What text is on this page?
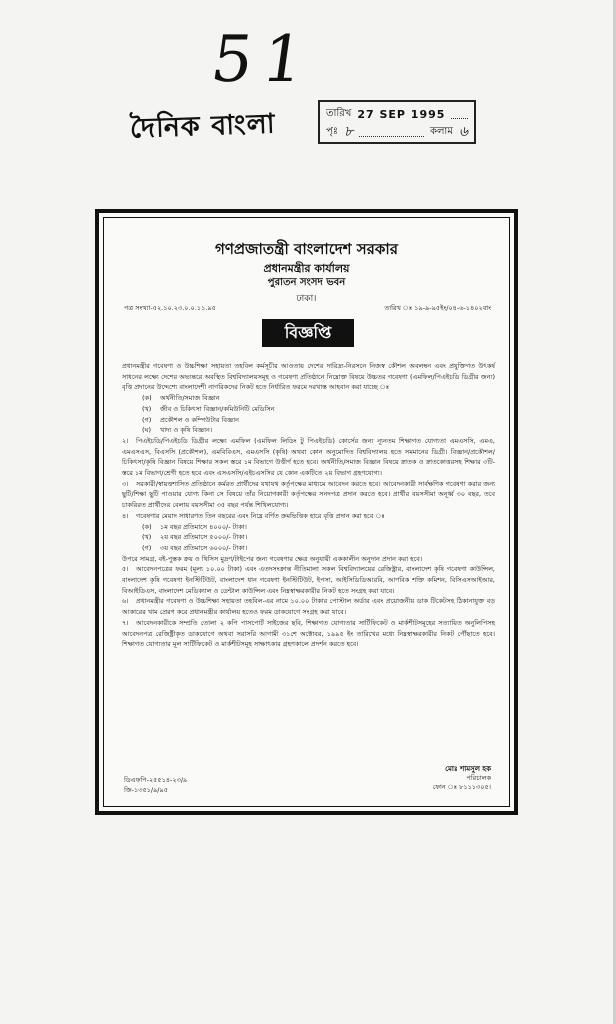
51
দৈনিক বাংলা	তারিখ 27 SEP 1995
পৃঃ ৮	কলাম ৬
গণপ্রজাতন্ত্রী বাংলাদেশ সরকার
প্রধানমন্ত্রীর কার্যালয়
পুরাতন সংসদ ভবন
ঢাকা।
পত্র সংখ্যা-৫২.১০.২৩.০.০.১১.৯৫	তারিখ ঃ ১৯-৯-৯৫ইং/০৪-৬-১৪০২বাং
বিজ্ঞপ্তি

প্রধানমন্ত্রীর গবেষণা ও উচ্চশিক্ষা সহায়তা তহবিল কর্মসূচীর আওতায় দেশের দারিদ্র্য-নিরসনে নিজস্ব কৌশল অবলম্বন এবং প্রযুক্তিগত উৎকর্ষ সাধনের লক্ষ্যে দেশের অভ্যন্তরে অবস্থিত বিশ্ববিদ্যালয়সমূহ ও গবেষণা প্রতিষ্ঠানে নিম্নোক্ত বিষয়ে উচ্চতর গবেষণা (এমফিল/পিএইচডি ডিগ্রীর জন্য) বৃত্তি প্রদানের উদ্দেশ্যে বাংলাদেশী নাগরিকদের নিকট হতে নির্ধারিত ফরমে দরখাস্ত আহবান করা যাচ্ছে ঃ

(ক) অর্থনীতি/সমাজ বিজ্ঞান
(খ) জীব ও চিকিৎসা বিজ্ঞান/কমিউনিটি মেডিসিন
(গ) প্রকৌশল ও কম্পিউটার বিজ্ঞান
(ঘ) খাদ্য ও কৃষি বিজ্ঞান।

২। পিএইচডি/পিএইচডি ডিগ্রীর লক্ষ্যে এমফিল (এমফিল লিডিং টু পিএইচডি) কোর্সের জন্য ন্যূনতম শিক্ষাগত যোগ্যতা এমএসসি, এমএ, এমএসএস, বিএসসি (প্রকৌশল), এমবিবিএস, এমএসসি (কৃষি) অথবা কোন অনুমোদিত বিশ্ববিদ্যালয় হতে সমমানের ডিগ্রী। বিজ্ঞান/প্রকৌশল/চিকিৎসা/কৃষি বিজ্ঞান বিষয়ে শিক্ষার সকল স্তরে ১ম বিভাগে উত্তীর্ণ হতে হবে। অর্থনীতি/সমাজ বিজ্ঞান বিষয়ে স্নাতক ও স্নাতকোত্তরসহ শিক্ষার ৩টি-স্তরে ১ম বিভাগ/শ্রেণী হতে হবে এবং এসএসসি/এইচএসসির যে কোন একটিতে ২য় বিভাগ গ্রহণযোগ্য।

৩। সরকারী/স্বায়ত্তশাসিত প্রতিষ্ঠানে কর্মরত প্রার্থীদের যথাযথ কর্তৃপক্ষের মাধ্যমে আবেদন করতে হবে। আবেদনকারী সার্বক্ষণিক গবেষণা করার জন্য ছুটি/শিক্ষা ছুটি পাওয়ার যোগ্য কিনা সে বিষয়ে তাঁর নিয়োগকারী কর্তৃপক্ষের সনদপত্র প্রদান করতে হবে। প্রার্থীর বয়সসীমা অনূর্ধ্ব ৩০ বছর, তবে চাকরিরত প্রার্থীদের বেলায় বয়সসীমা ৩৫ বছর পর্যন্ত শিথিলযোগ্য।

৪। গবেষণার মেয়াদ সাধারণত তিন বছরের এবং নিম্নে বর্ণিত ক্রমভিত্তিক হারে বৃত্তি প্রদান করা হবে ঃ

(ক) ১ম বছর প্রতিমাসে ৪০০০/- টাকা।
(খ) ২য় বছর প্রতিমাসে ৫০০০/- টাকা।
(গ) ৩য় বছর প্রতিমাসে ৬০০০/- টাকা।

উপরে সামগ্র, বই-পুস্তক ক্রয় ও থিসিস মুদ্রণ/টাইপের জন্য গবেষণার ক্ষেত্র অনুযায়ী এককালীন অনুদান প্রদান করা হবে।

৫। আবেদনপত্রের ফরম (মূল্য ১০.০০ টাকা) এবং এতদসংক্রান্ত নীতিমালা সকল বিশ্ববিদ্যালয়ের রেজিষ্ট্রার, বাংলাদেশ কৃষি গবেষণা কাউন্সিল, বাংলাদেশ কৃষি গবেষণা ইনস্টিটিউট, বাংলাদেশ ধান গবেষণা ইনস্টিটিউট, ইপসা, আইসিডিডিআরবি, আণবিক শক্তি কমিশন, বিসিএসআইআর, বিআইডিএস, বাংলাদেশ মেডিক্যাল ও ডেন্টাল কাউন্সিল এবং নিম্নস্বাক্ষরকারীর নিকট হতে সংগ্রহ করা যাবে।

৬। প্রধানমন্ত্রীর গবেষণা ও উচ্চশিক্ষা সহায়তা তহবিল-এর নামে ১০.০০ টাকার পোস্টাল অর্ডার এবং প্রয়োজনীয় ডাক টিকেটসহ ঠিকানাযুক্ত বড় আকারের খাম প্রেরণ করে প্রধানমন্ত্রীর কার্যালয় হতেও ফরম ডাকযোগে সংগ্রহ করা যাবে।

৭। আবেদনকারীকে সম্প্রতি তোলা ২ কপি পাসপোর্ট সাইজের ছবি, শিক্ষাগত যোগ্যতার সার্টিফিকেট ও মার্কশীটসমূহের সত্যায়িত অনুলিপিসহ আবেদনপত্র রেজিষ্ট্রীকৃত ডাকযোগে অথবা সরাসরি আগামী ৩১শে অক্টোবর, ১৯৯৫ ইং তারিখের মধ্যে নিম্নস্বাক্ষরকারীর নিকট পৌঁছাতে হবে। শিক্ষাগত যোগ্যতার মূল সার্টিফিকেট ও মার্কশীটসমূহ সাক্ষাৎকার গ্রহণকালে প্রদর্শন করতে হবে।

ডিএফপি-২৫৫১৪-২৩/৯
জি-১৩৫১/৯/৯৫
মোঃ শামসুল হক
পরিচালক
ফোন ঃ ৮১১১৩০৫।
